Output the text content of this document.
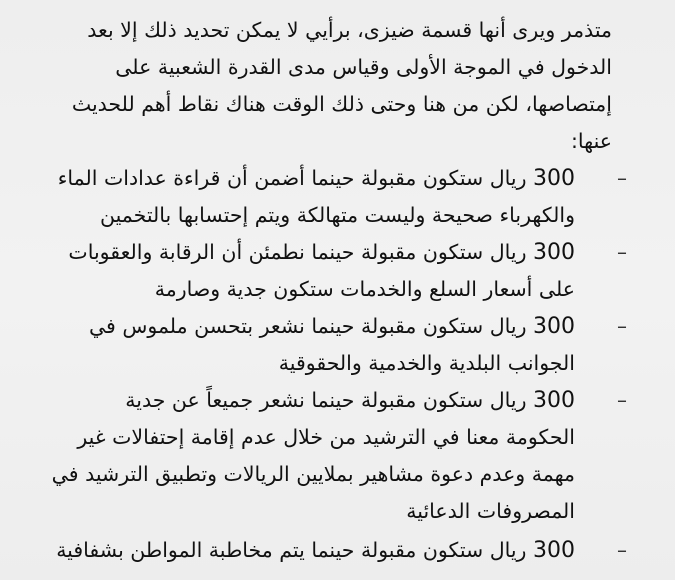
متذمر ويرى أنها قسمة ضيزى، برأيي لا يمكن تحديد ذلك إلا بعد
الدخول في الموجة الأولى وقياس مدى القدرة الشعبية على
إمتصاصها، لكن من هنا وحتى ذلك الوقت هناك نقاط أهم للحديث
عنها:
–
300 ريال ستكون مقبولة حينما أضمن أن قراءة عدادات الماء
والكهرباء صحيحة وليست متهالكة ويتم إحتسابها بالتخمين
–
300 ريال ستكون مقبولة حينما نطمئن أن الرقابة والعقوبات
على أسعار السلع والخدمات ستكون جدية وصارمة
–
300 ريال ستكون مقبولة حينما نشعر بتحسن ملموس في
الجوانب البلدية والخدمية والحقوقية
–
300 ريال ستكون مقبولة حينما نشعر جميعاً عن جدية
الحكومة معنا في الترشيد من خلال عدم إقامة إحتفالات غير
مهمة وعدم دعوة مشاهير بملايين الريالات وتطبيق الترشيد في
المصروفات الدعائية
–
300 ريال ستكون مقبولة حينما يتم مخاطبة المواطن بشفافية
